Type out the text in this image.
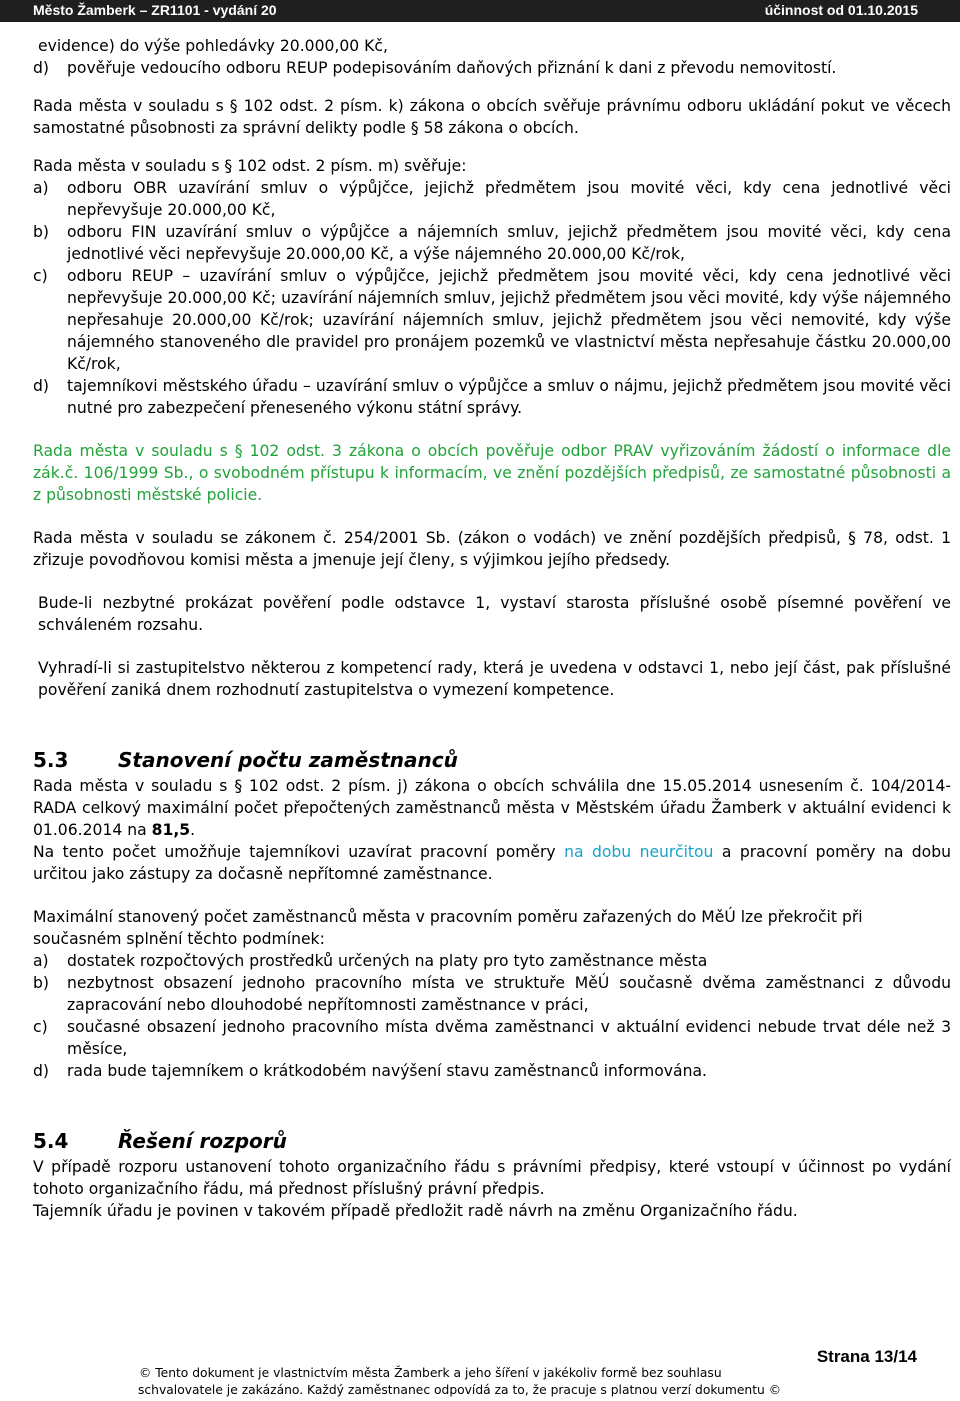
Město Žamberk – ZR1101 - vydání 20	účinnost od 01.10.2015

evidence) do výše pohledávky 20.000,00 Kč,

d) pověřuje vedoucího odboru REUP podepisováním daňových přiznání k dani z převodu nemovitostí.

Rada města v souladu s § 102 odst. 2 písm. k) zákona o obcích svěřuje právnímu odboru ukládání pokut ve věcech samostatné působnosti za správní delikty podle § 58 zákona o obcích.

Rada města v souladu s § 102 odst. 2 písm. m) svěřuje:

a) odboru OBR uzavírání smluv o výpůjčce, jejichž předmětem jsou movité věci, kdy cena jednotlivé věci nepřevyšuje 20.000,00 Kč,
b) odboru FIN uzavírání smluv o výpůjčce a nájemních smluv, jejichž předmětem jsou movité věci, kdy cena jednotlivé věci nepřevyšuje 20.000,00 Kč, a výše nájemného 20.000,00 Kč/rok,
c) odboru REUP – uzavírání smluv o výpůjčce, jejichž předmětem jsou movité věci, kdy cena jednotlivé věci nepřevyšuje 20.000,00 Kč; uzavírání nájemních smluv, jejichž předmětem jsou věci movité, kdy výše nájemného nepřesahuje 20.000,00 Kč/rok; uzavírání nájemních smluv, jejichž předmětem jsou věci nemovité, kdy výše nájemného stanoveného dle pravidel pro pronájem pozemků ve vlastnictví města nepřesahuje částku 20.000,00 Kč/rok,
d) tajemníkovi městského úřadu – uzavírání smluv o výpůjčce a smluv o nájmu, jejichž předmětem jsou movité věci nutné pro zabezpečení přeneseného výkonu státní správy.

Rada města v souladu s § 102 odst. 3 zákona o obcích pověřuje odbor PRAV vyřizováním žádostí o informace dle zák.č. 106/1999 Sb., o svobodném přístupu k informacím, ve znění pozdějších předpisů, ze samostatné působnosti a z působnosti městské policie.

Rada města v souladu se zákonem č. 254/2001 Sb. (zákon o vodách) ve znění pozdějších předpisů, § 78, odst. 1 zřizuje povodňovou komisi města a jmenuje její členy, s výjimkou jejího předsedy.

Bude-li nezbytné prokázat pověření podle odstavce 1, vystaví starosta příslušné osobě písemné pověření ve schváleném rozsahu.

Vyhradí-li si zastupitelstvo některou z kompetencí rady, která je uvedena v odstavci 1, nebo její část, pak příslušné pověření zaniká dnem rozhodnutí zastupitelstva o vymezení kompetence.

5.3 Stanovení počtu zaměstnanců

Rada města v souladu s § 102 odst. 2 písm. j) zákona o obcích schválila dne 15.05.2014 usnesením č. 104/2014-RADA celkový maximální počet přepočtených zaměstnanců města v Městském úřadu Žamberk v aktuální evidenci k 01.06.2014 na 81,5.

Na tento počet umožňuje tajemníkovi uzavírat pracovní poměry na dobu neurčitou a pracovní poměry na dobu určitou jako zástupy za dočasně nepřítomné zaměstnance.

Maximální stanovený počet zaměstnanců města v pracovním poměru zařazených do MěÚ lze překročit při současném splnění těchto podmínek:

a) dostatek rozpočtových prostředků určených na platy pro tyto zaměstnance města
b) nezbytnost obsazení jednoho pracovního místa ve struktuře MěÚ současně dvěma zaměstnanci z důvodu zapracování nebo dlouhodobé nepřítomnosti zaměstnance v práci,
c) současné obsazení jednoho pracovního místa dvěma zaměstnanci v aktuální evidenci nebude trvat déle než 3 měsíce,
d) rada bude tajemníkem o krátkodobém navýšení stavu zaměstnanců informována.
5.4 Řešení rozporů

V případě rozporu ustanovení tohoto organizačního řádu s právními předpisy, které vstoupí v účinnost po vydání tohoto organizačního řádu, má přednost příslušný právní předpis.

Tajemník úřadu je povinen v takovém případě předložit radě návrh na změnu Organizačního řádu.

Strana 13/14
© Tento dokument je vlastnictvím města Žamberk a jeho šíření v jakékoliv formě bez souhlasu
schvalovatele je zakázáno. Každý zaměstnanec odpovídá za to, že pracuje s platnou verzí dokumentu ©
